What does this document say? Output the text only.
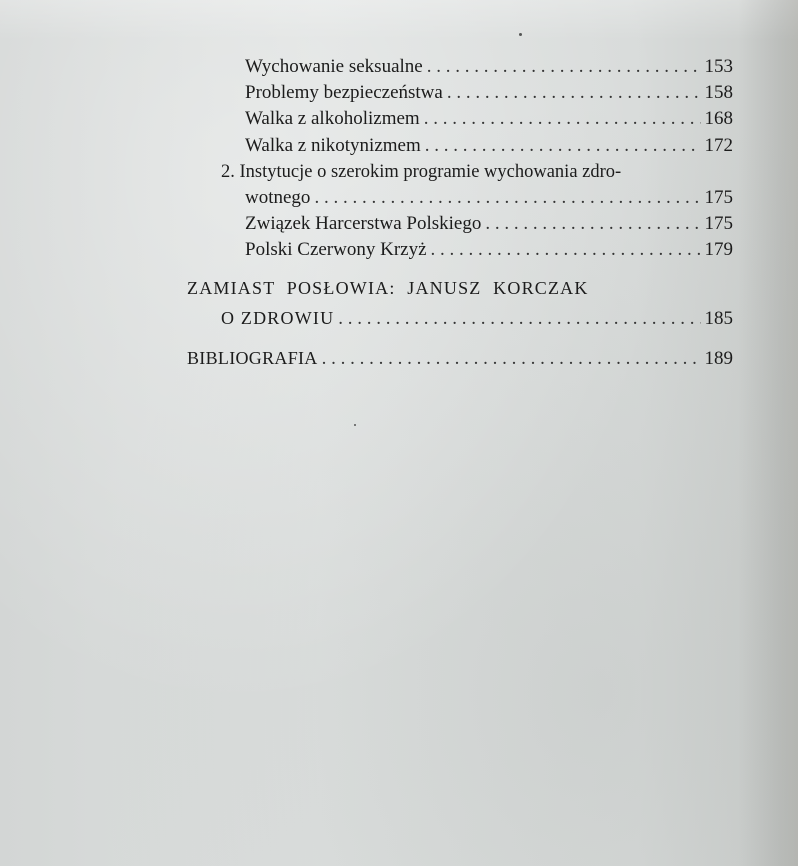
Wychowanie seksualne . . .	153
Problemy bezpieczeństwa . . .	158
Walka z alkoholizmem . . .	168
Walka z nikotynizmem . . .	172
2. Instytucje o szerokim programie wychowania zdro-
wotnego . . .	175
Związek Harcerstwa Polskiego . . .	175
Polski Czerwony Krzyż . . .	179
ZAMIAST POSŁOWIA: JANUSZ KORCZAK
O ZDROWIU . . .	185
BIBLIOGRAFIA . . .	189
